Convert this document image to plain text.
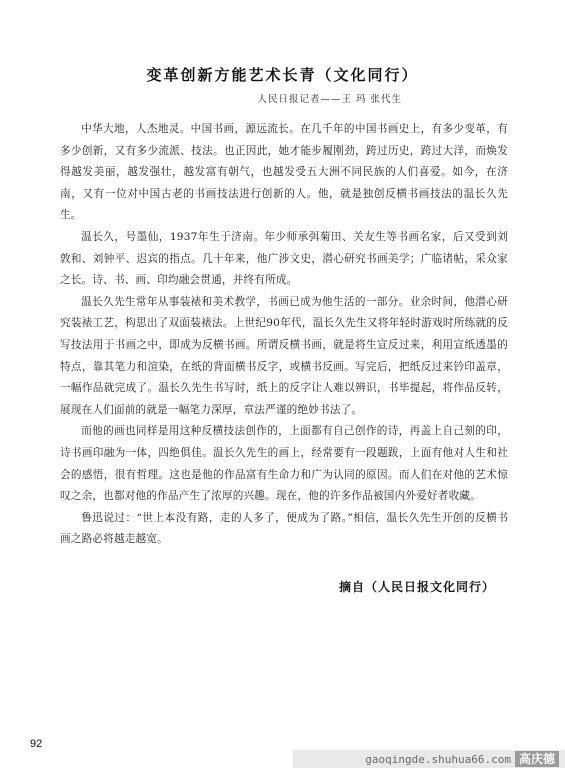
变革创新方能艺术长青（文化同行）
人民日报记者——王 玛 张代生

中华大地，人杰地灵。中国书画，源远流长。在几千年的中国书画史上，有多少变革，有多少创新，又有多少流派、技法。也正因此，她才能步履刚劲，跨过历史，跨过大洋，而焕发得越发美丽，越发强壮，越发富有朝气，也越发受五大洲不同民族的人们喜爱。如今，在济南，又有一位对中国古老的书画技法进行创新的人。他，就是独创反横书画技法的温长久先生。

温长久，号墨仙，1937年生于济南。年少师承弭菊田、关友生等书画名家，后又受到刘敦和、刘钟平、迟宾的指点。几十年来，他广涉文史，潜心研究书画美学；广临诸帖，采众家之长。诗、书、画、印均融会贯通，并终有所成。

温长久先生常年从事装裱和美术教学，书画已成为他生活的一部分。业余时间，他潜心研究装裱工艺，构思出了双面装裱法。上世纪90年代，温长久先生又将年轻时游戏时所练就的反写技法用于书画之中，即成为反横书画。所谓反横书画，就是将生宣反过来，利用宣纸透墨的特点，靠其笔力和渲染，在纸的背面横书反字，或横书反画。写完后，把纸反过来钤印盖章，一幅作品就完成了。温长久先生书写时，纸上的反字让人难以辨识，书毕提起，将作品反转，展现在人们面前的就是一幅笔力深厚，章法严谨的绝妙书法了。

而他的画也同样是用这种反横技法创作的，上面都有自己创作的诗，再盖上自己刻的印，诗书画印融为一体，四绝俱佳。温长久先生的画上，经常要有一段题跋，上面有他对人生和社会的感悟，很有哲理。这也是他的作品富有生命力和广为认同的原因。而人们在对他的艺术惊叹之余，也都对他的作品产生了浓厚的兴趣。现在，他的许多作品被国内外爱好者收藏。

鲁迅说过：“世上本没有路，走的人多了，便成为了路。”相信，温长久先生开创的反横书画之路必将越走越宽。

摘自（人民日报文化同行）
92
gaoqingde.shuhua66.com 高庆德
